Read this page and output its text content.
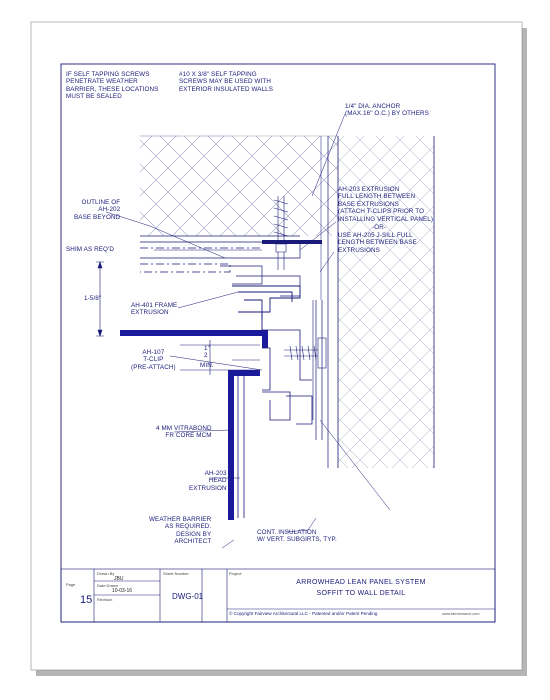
IF SELF TAPPING SCREWS
PENETRATE WEATHER
BARRIER, THESE LOCATIONS
MUST BE SEALED
#10 X 3/8" SELF TAPPING
SCREWS MAY BE USED WITH
EXTERIOR INSULATED WALLS
1/4" DIA. ANCHOR
(MAX.16" O.C.) BY OTHERS
AH-203 EXTRUSION
FULL LENGTH BETWEEN
BASE EXTRUSIONS
(ATTACH T-CLIPS PRIOR TO
INSTALLING VERTICAL PANEL)
-OR-
USE AH-205 J-SILL FULL
LENGTH BETWEEN BASE
EXTRUSIONS
OUTLINE OF
AH-202
BASE BEYOND
SHIM AS REQ'D
1-5/8"
AH-401 FRAME
EXTRUSION
AH-107
T-CLIP
(PRE-ATTACH)
1"
2
MIN.
4 MM VITRABOND
FR CORE MCM
AH-203
HEAD
EXTRUSION
WEATHER BARRIER
AS REQUIRED.
DESIGN BY
ARCHITECT
CONT. INSULATION
W/ VERT. SUBGIRTS, TYP.
Page
15
Drawn By
JBU
Date Drawn
10-03-16
Revision
Sheet Number
DWG-01
Project
ARROWHEAD LEAN PANEL SYSTEM
SOFFIT TO WALL DETAIL
© Copyright Fairview Architectural LLC - Patented and/or Patent Pending	www.fairviewarch.com
